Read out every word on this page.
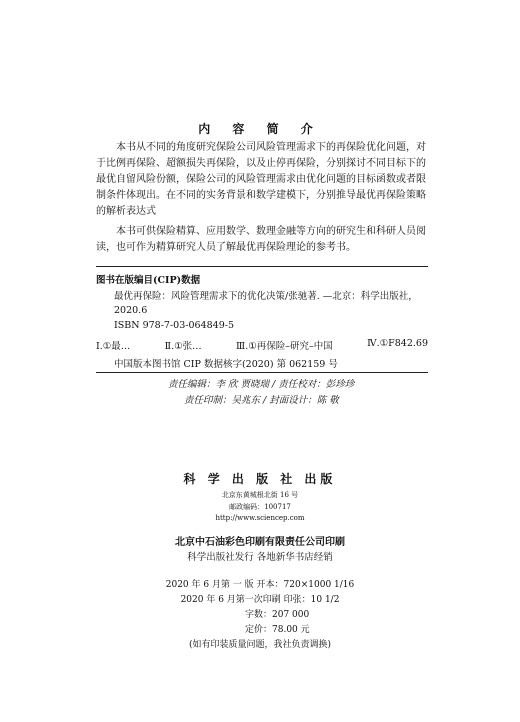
内 容 简 介
本书从不同的角度研究保险公司风险管理需求下的再保险优化问题，对于比例再保险、超额损失再保险，以及止停再保险，分别探讨不同目标下的最优自留风险份额，保险公司的风险管理需求由优化问题的目标函数或者限制条件体现出。在不同的实务背景和数学建模下，分别推导最优再保险策略的解析表达式
本书可供保险精算、应用数学、数理金融等方向的研究生和科研人员阅读，也可作为精算研究人员了解最优再保险理论的参考书。
图书在版编目(CIP)数据
最优再保险：风险管理需求下的优化决策/张驰著. —北京：科学出版社，2020.6
ISBN 978-7-03-064849-5
Ⅰ.①最…	Ⅱ.①张…	Ⅲ.①再保险–研究–中国	Ⅳ.①F842.69
中国版本图书馆 CIP 数据核字(2020) 第 062159 号
责任编辑：李 欣 贾晓瑞 / 责任校对：彭珍珍
责任印制：吴兆东 / 封面设计：陈 敬
科 学 出 版 社 出版
北京东黄城根北街 16 号
邮政编码：100717
http://www.sciencep.com
北京中石油彩色印刷有限责任公司印刷
科学出版社发行 各地新华书店经销
2020 年 6 月第 一 版 开本：720×1000 1/16
2020 年 6 月第一次印刷 印张：10 1/2
字数：207 000
定价：78.00 元
(如有印装质量问题，我社负责调换)
